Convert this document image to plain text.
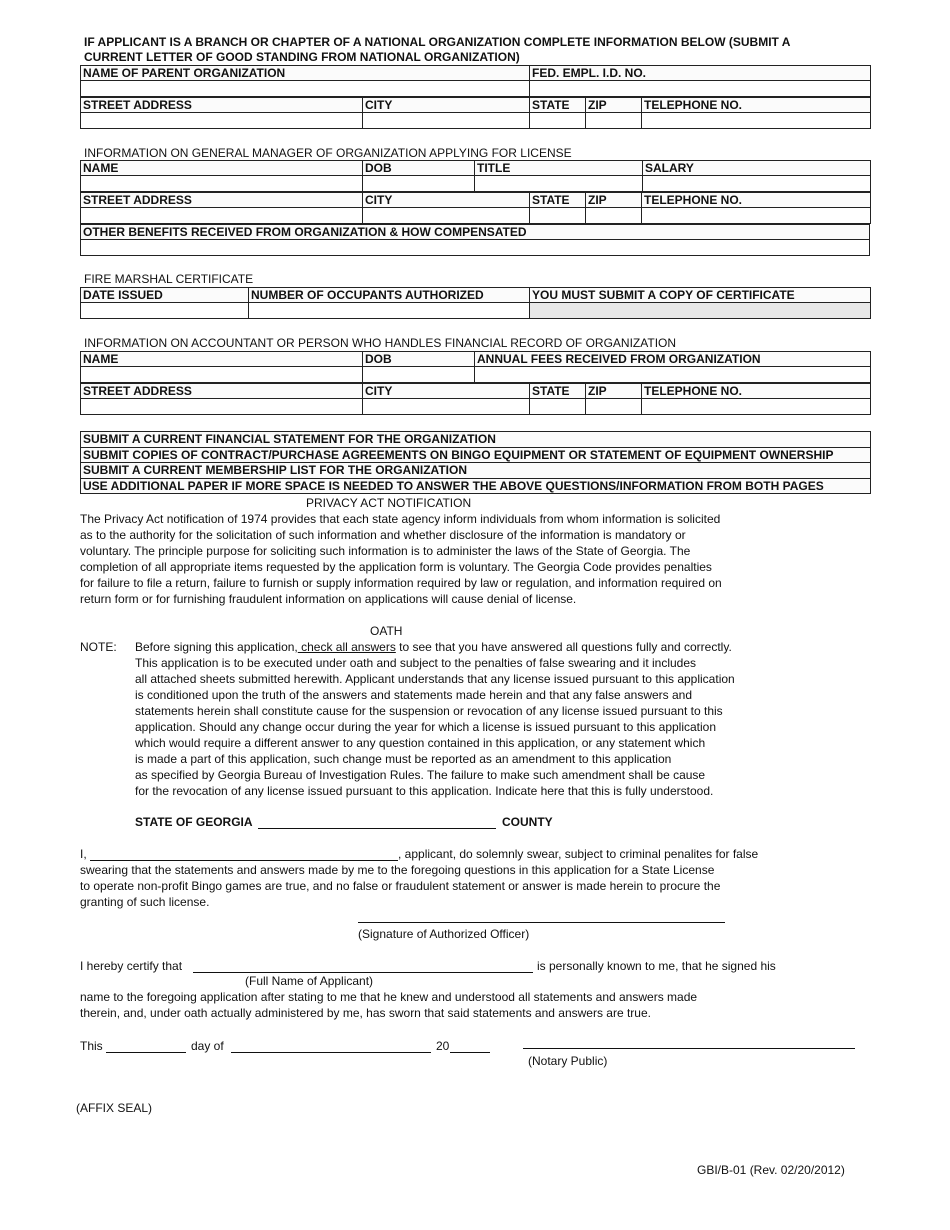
IF APPLICANT IS A BRANCH OR CHAPTER OF A NATIONAL ORGANIZATION COMPLETE INFORMATION BELOW (SUBMIT A
CURRENT LETTER OF GOOD STANDING FROM NATIONAL ORGANIZATION)
NAME OF PARENT ORGANIZATION	FED. EMPL. I.D. NO.

STREET ADDRESS	CITY	STATE	ZIP	TELEPHONE NO.

INFORMATION ON GENERAL MANAGER OF ORGANIZATION APPLYING FOR LICENSE
NAME	DOB	TITLE	SALARY

STREET ADDRESS	CITY	STATE	ZIP	TELEPHONE NO.

OTHER BENEFITS RECEIVED FROM ORGANIZATION & HOW COMPENSATED

FIRE MARSHAL CERTIFICATE
DATE ISSUED	NUMBER OF OCCUPANTS AUTHORIZED	YOU MUST SUBMIT A COPY OF CERTIFICATE

INFORMATION ON ACCOUNTANT OR PERSON WHO HANDLES FINANCIAL RECORD OF ORGANIZATION
NAME	DOB	ANNUAL FEES RECEIVED FROM ORGANIZATION

STREET ADDRESS	CITY	STATE	ZIP	TELEPHONE NO.

SUBMIT A CURRENT FINANCIAL STATEMENT FOR THE ORGANIZATION
SUBMIT COPIES OF CONTRACT/PURCHASE AGREEMENTS ON BINGO EQUIPMENT OR STATEMENT OF EQUIPMENT OWNERSHIP
SUBMIT A CURRENT MEMBERSHIP LIST FOR THE ORGANIZATION
USE ADDITIONAL PAPER IF MORE SPACE IS NEEDED TO ANSWER THE ABOVE QUESTIONS/INFORMATION FROM BOTH PAGES
PRIVACY ACT NOTIFICATION

The Privacy Act notification of 1974 provides that each state agency inform individuals from whom information is solicited

as to the authority for the solicitation of such information and whether disclosure of the information is mandatory or

voluntary. The principle purpose for soliciting such information is to administer the laws of the State of Georgia. The

completion of all appropriate items requested by the application form is voluntary. The Georgia Code provides penalties

for failure to file a return, failure to furnish or supply information required by law or regulation, and information required on

return form or for furnishing fraudulent information on applications will cause denial of license.

OATH
NOTE: Before signing this application, check all answers to see that you have answered all questions fully and correctly.

This application is to be executed under oath and subject to the penalties of false swearing and it includes

all attached sheets submitted herewith. Applicant understands that any license issued pursuant to this application

is conditioned upon the truth of the answers and statements made herein and that any false answers and

statements herein shall constitute cause for the suspension or revocation of any license issued pursuant to this

application. Should any change occur during the year for which a license is issued pursuant to this application

which would require a different answer to any question contained in this application, or any statement which

is made a part of this application, such change must be reported as an amendment to this application

as specified by Georgia Bureau of Investigation Rules. The failure to make such amendment shall be cause

for the revocation of any license issued pursuant to this application. Indicate here that this is fully understood.

STATE OF GEORGIA	COUNTY
I,	, applicant, do solemnly swear, subject to criminal penalites for false

swearing that the statements and answers made by me to the foregoing questions in this application for a State License

to operate non-profit Bingo games are true, and no false or fraudulent statement or answer is made herein to procure the

granting of such license.

(Signature of Authorized Officer)
I hereby certify that	is personally known to me, that he signed his
(Full Name of Applicant)

name to the foregoing application after stating to me that he knew and understood all statements and answers made

therein, and, under oath actually administered by me, has sworn that said statements and answers are true.

This	day of	20
(Notary Public)
(AFFIX SEAL)
GBI/B-01 (Rev. 02/20/2012)
